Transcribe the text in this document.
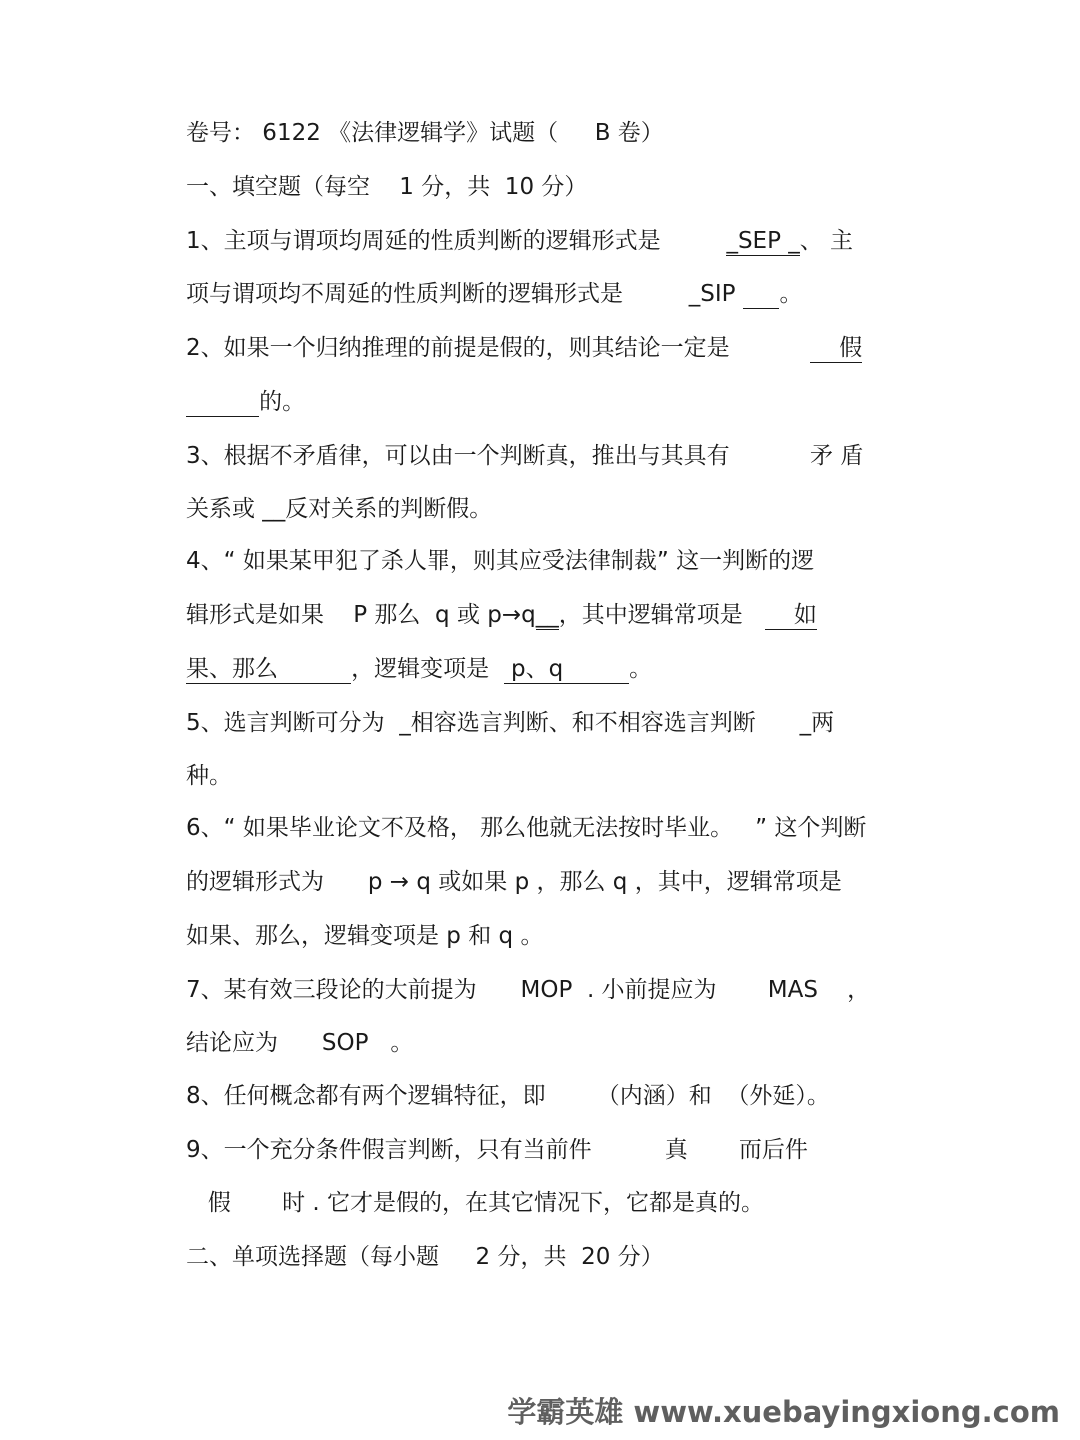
卷号： 6122 《法律逻辑学》试题（     B 卷）
一、填空题（每空    1 分，共  10 分）
1、主项与谓项均周延的性质判断的逻辑形式是         _SEP _、 主
项与谓项均不周延的性质判断的逻辑形式是         _SIP      。
2、如果一个归纳推理的前提是假的，则其结论一定是               假
的。
3、根据不矛盾律，可以由一个判断真，推出与其具有           矛 盾
关系或 __反对关系的判断假。
4、“ 如果某甲犯了杀人罪，则其应受法律制裁” 这一判断的逻
辑形式是如果    P 那么  q 或 p→q__，其中逻辑常项是       如
果、那么          ，逻辑变项是   p、q         。
5、选言判断可分为  _相容选言判断、和不相容选言判断      _两
种。
6、“ 如果毕业论文不及格， 那么他就无法按时毕业。   ” 这个判断
的逻辑形式为      p → q 或如果 p ，那么 q ，其中，逻辑常项是
如果、那么，逻辑变项是 p 和 q 。
7、某有效三段论的大前提为      MOP  . 小前提应为       MAS    ，
结论应为      SOP   。
8、任何概念都有两个逻辑特征，即       （内涵）和  （外延）。
9、一个充分条件假言判断，只有当前件          真       而后件
假       时 . 它才是假的，在其它情况下，它都是真的。
二、单项选择题（每小题     2 分，共  20 分）
学霸英雄 www.xuebayingxiong.com
